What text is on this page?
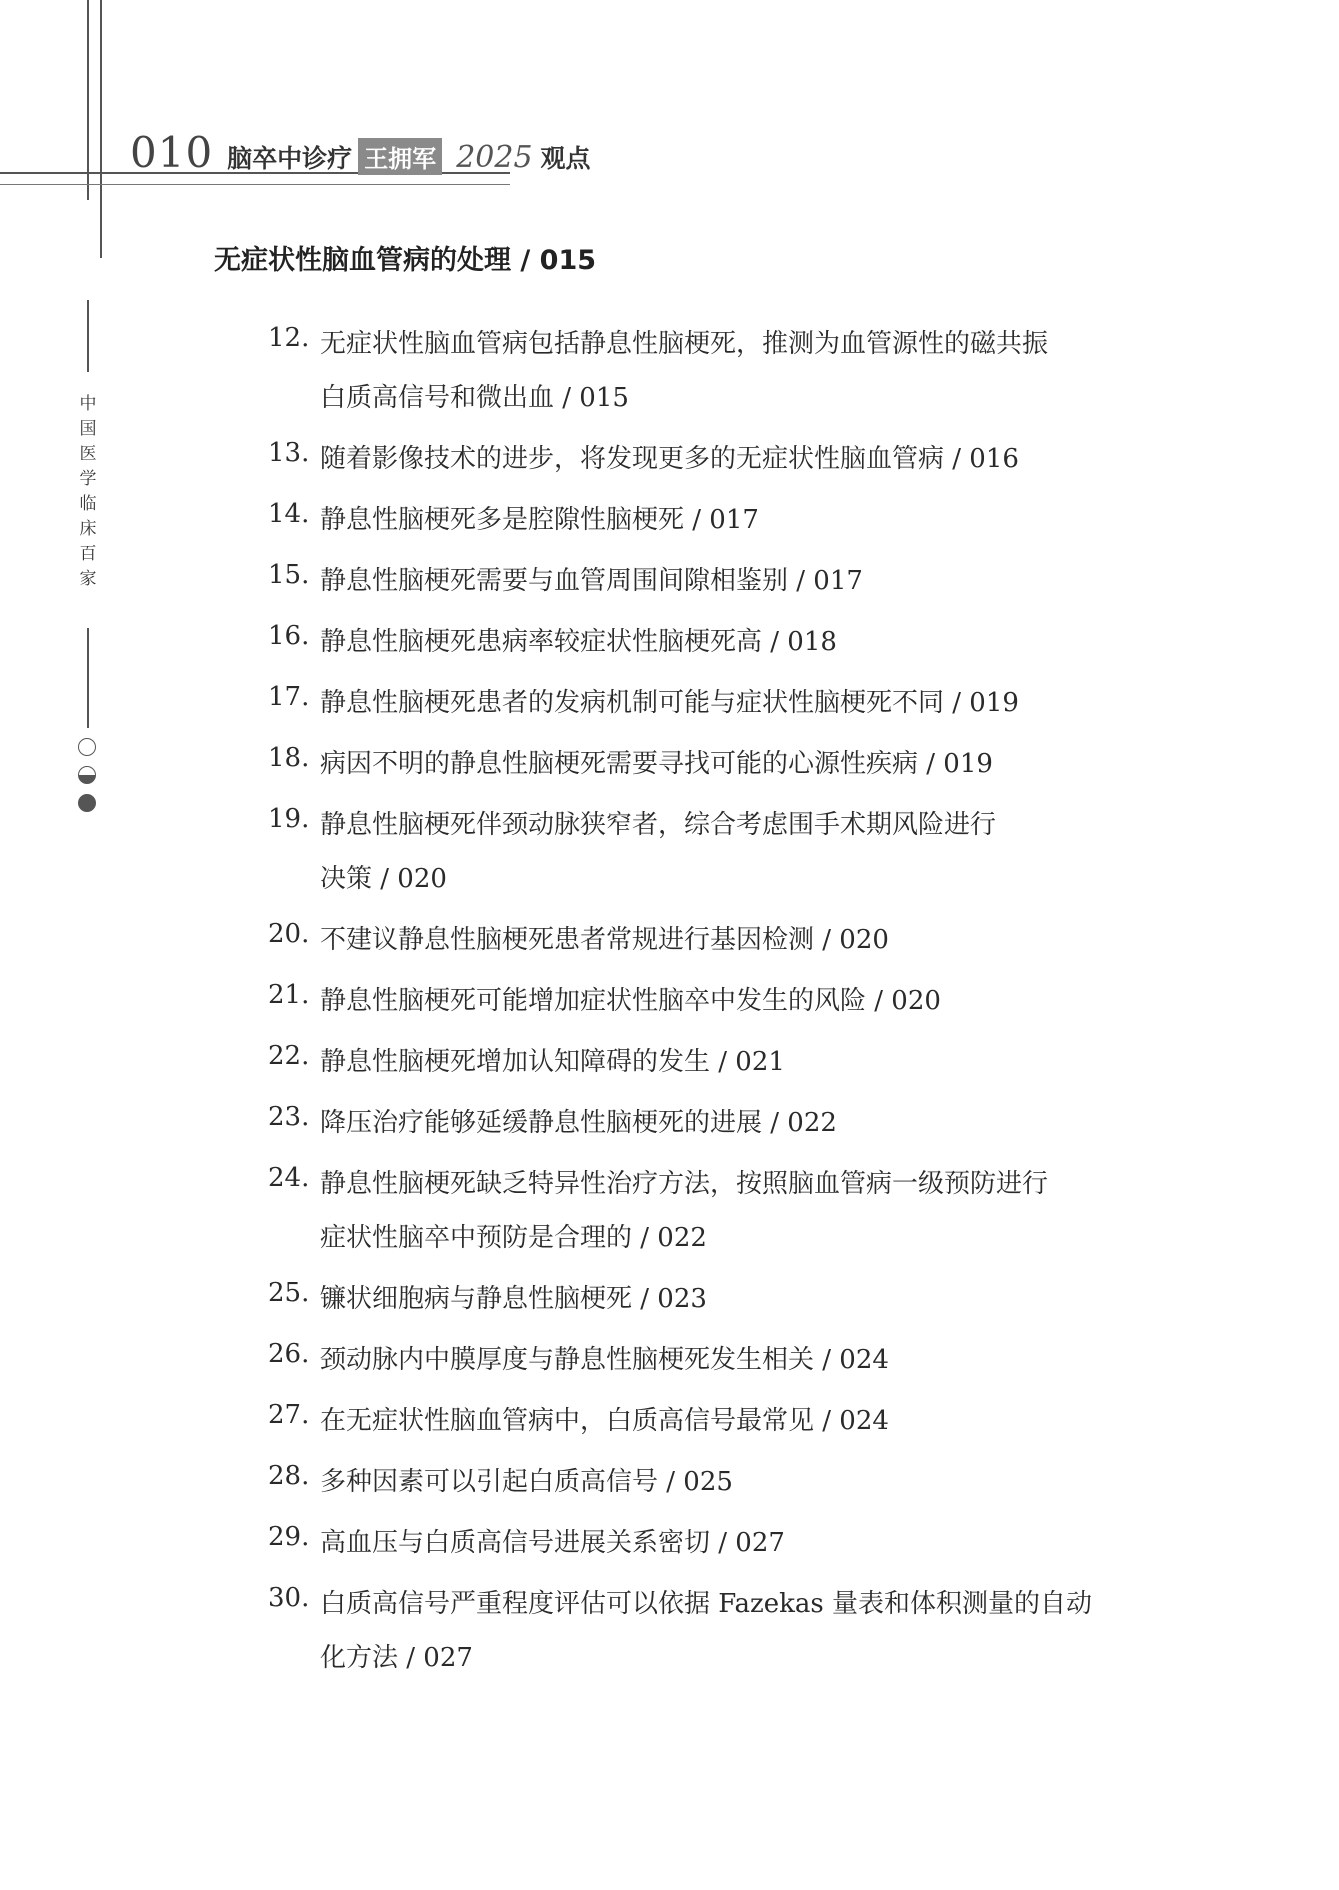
010 脑卒中诊疗 王拥军 2025 观点
中国医学临床百家
无症状性脑血管病的处理 / 015
12. 无症状性脑血管病包括静息性脑梗死，推测为血管源性的磁共振
白质高信号和微出血 / 015
13. 随着影像技术的进步，将发现更多的无症状性脑血管病 / 016
14. 静息性脑梗死多是腔隙性脑梗死 / 017
15. 静息性脑梗死需要与血管周围间隙相鉴别 / 017
16. 静息性脑梗死患病率较症状性脑梗死高 / 018
17. 静息性脑梗死患者的发病机制可能与症状性脑梗死不同 / 019
18. 病因不明的静息性脑梗死需要寻找可能的心源性疾病 / 019
19. 静息性脑梗死伴颈动脉狭窄者，综合考虑围手术期风险进行
决策 / 020
20. 不建议静息性脑梗死患者常规进行基因检测 / 020
21. 静息性脑梗死可能增加症状性脑卒中发生的风险 / 020
22. 静息性脑梗死增加认知障碍的发生 / 021
23. 降压治疗能够延缓静息性脑梗死的进展 / 022
24. 静息性脑梗死缺乏特异性治疗方法，按照脑血管病一级预防进行
症状性脑卒中预防是合理的 / 022
25. 镰状细胞病与静息性脑梗死 / 023
26. 颈动脉内中膜厚度与静息性脑梗死发生相关 / 024
27. 在无症状性脑血管病中，白质高信号最常见 / 024
28. 多种因素可以引起白质高信号 / 025
29. 高血压与白质高信号进展关系密切 / 027
30. 白质高信号严重程度评估可以依据 Fazekas 量表和体积测量的自动
化方法 / 027
